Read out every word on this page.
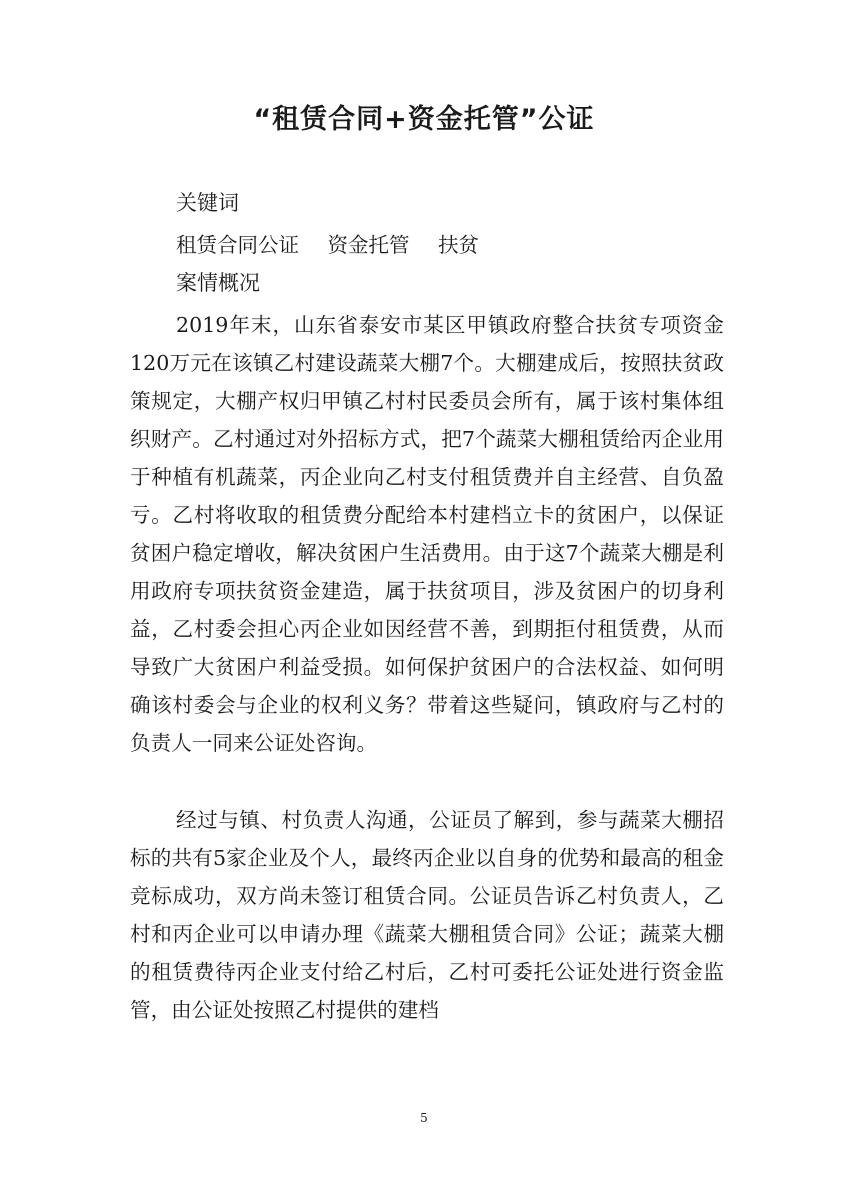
“租赁合同+资金托管”公证
关键词
租赁合同公证 资金托管 扶贫
案情概况

2019年末，山东省泰安市某区甲镇政府整合扶贫专项资金120万元在该镇乙村建设蔬菜大棚7个。大棚建成后，按照扶贫政策规定，大棚产权归甲镇乙村村民委员会所有，属于该村集体组织财产。乙村通过对外招标方式，把7个蔬菜大棚租赁给丙企业用于种植有机蔬菜，丙企业向乙村支付租赁费并自主经营、自负盈亏。乙村将收取的租赁费分配给本村建档立卡的贫困户，以保证贫困户稳定增收，解决贫困户生活费用。由于这7个蔬菜大棚是利用政府专项扶贫资金建造，属于扶贫项目，涉及贫困户的切身利益，乙村委会担心丙企业如因经营不善，到期拒付租赁费，从而导致广大贫困户利益受损。如何保护贫困户的合法权益、如何明确该村委会与企业的权利义务？带着这些疑问，镇政府与乙村的负责人一同来公证处咨询。

经过与镇、村负责人沟通，公证员了解到，参与蔬菜大棚招标的共有5家企业及个人，最终丙企业以自身的优势和最高的租金竞标成功，双方尚未签订租赁合同。公证员告诉乙村负责人，乙村和丙企业可以申请办理《蔬菜大棚租赁合同》公证；蔬菜大棚的租赁费待丙企业支付给乙村后，乙村可委托公证处进行资金监管，由公证处按照乙村提供的建档

5
